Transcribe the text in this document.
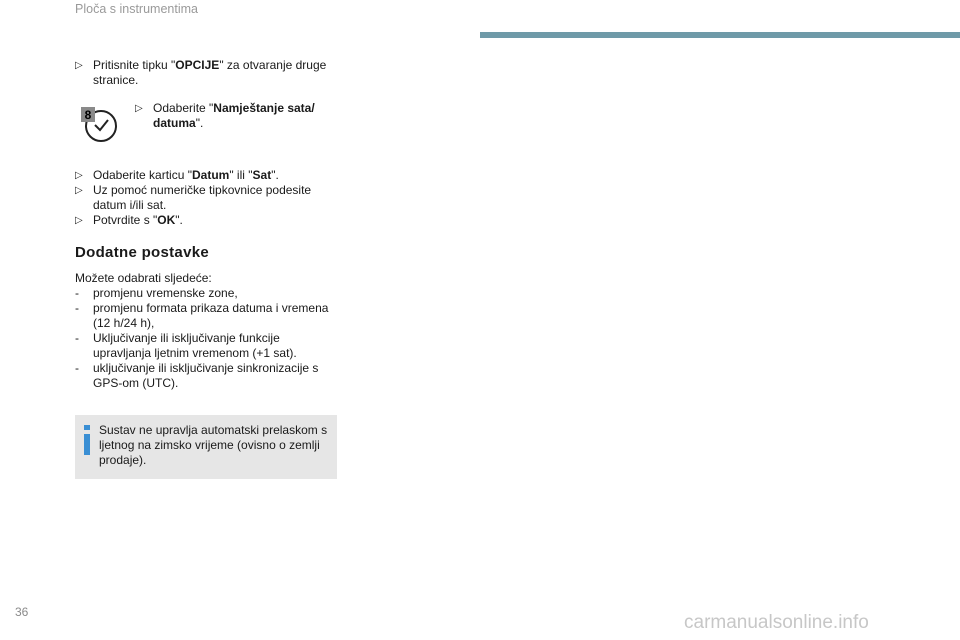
Ploča s instrumentima
▷ Pritisnite tipku "OPCIJE" za otvaranje druge stranice.
8	▷ Odaberite "Namještanje sata/ datuma".
▷ Odaberite karticu "Datum" ili "Sat".
▷ Uz pomoć numeričke tipkovnice podesite datum i/ili sat.
▷ Potvrdite s "OK".
Dodatne postavke
Možete odabrati sljedeće:
- promjenu vremenske zone,
- promjenu formata prikaza datuma i vremena (12 h/24 h),
- Uključivanje ili isključivanje funkcije upravljanja ljetnim vremenom (+1 sat).
- uključivanje ili isključivanje sinkronizacije s GPS-om (UTC).
Sustav ne upravlja automatski prelaskom s ljetnog na zimsko vrijeme (ovisno o zemlji prodaje).
36	carmanualsonline.info
